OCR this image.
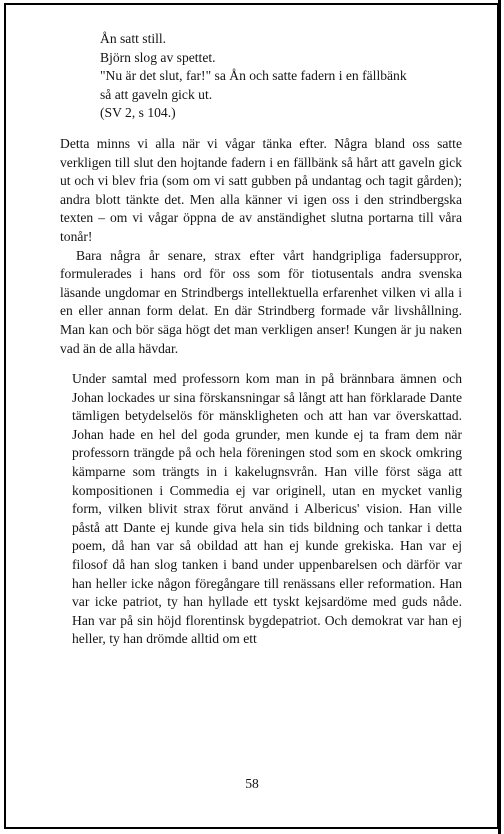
Ån satt still.
Björn slog av spettet.
"Nu är det slut, far!" sa Ån och satte fadern i en fällbänk
så att gaveln gick ut.
(SV 2, s 104.)

Detta minns vi alla när vi vågar tänka efter. Några bland oss satte verkligen till slut den hojtande fadern i en fällbänk så hårt att gaveln gick ut och vi blev fria (som om vi satt gubben på undantag och tagit gården); andra blott tänkte det. Men alla känner vi igen oss i den strindbergska texten – om vi vågar öppna de av anständighet slutna portarna till våra tonår!

Bara några år senare, strax efter vårt handgripliga fadersuppror, formulerades i hans ord för oss som för tiotusentals andra svenska läsande ungdomar en Strindbergs intellektuella erfarenhet vilken vi alla i en eller annan form delat. En där Strindberg formade vår livshållning. Man kan och bör säga högt det man verkligen anser! Kungen är ju naken vad än de alla hävdar.

Under samtal med professorn kom man in på brännbara ämnen och Johan lockades ur sina förskansningar så långt att han förklarade Dante tämligen betydelselös för mänskligheten och att han var överskattad. Johan hade en hel del goda grunder, men kunde ej ta fram dem när professorn trängde på och hela föreningen stod som en skock omkring kämparne som trängts in i kakelugnsvrån. Han ville först säga att kompositionen i Commedia ej var originell, utan en mycket vanlig form, vilken blivit strax förut använd i Albericus' vision. Han ville påstå att Dante ej kunde giva hela sin tids bildning och tankar i detta poem, då han var så obildad att han ej kunde grekiska. Han var ej filosof då han slog tanken i band under uppenbarelsen och därför var han heller icke någon föregångare till renässans eller reformation. Han var icke patriot, ty han hyllade ett tyskt kejsardöme med guds nåde. Han var på sin höjd florentinsk bygdepatriot. Och demokrat var han ej heller, ty han drömde alltid om ett

58
